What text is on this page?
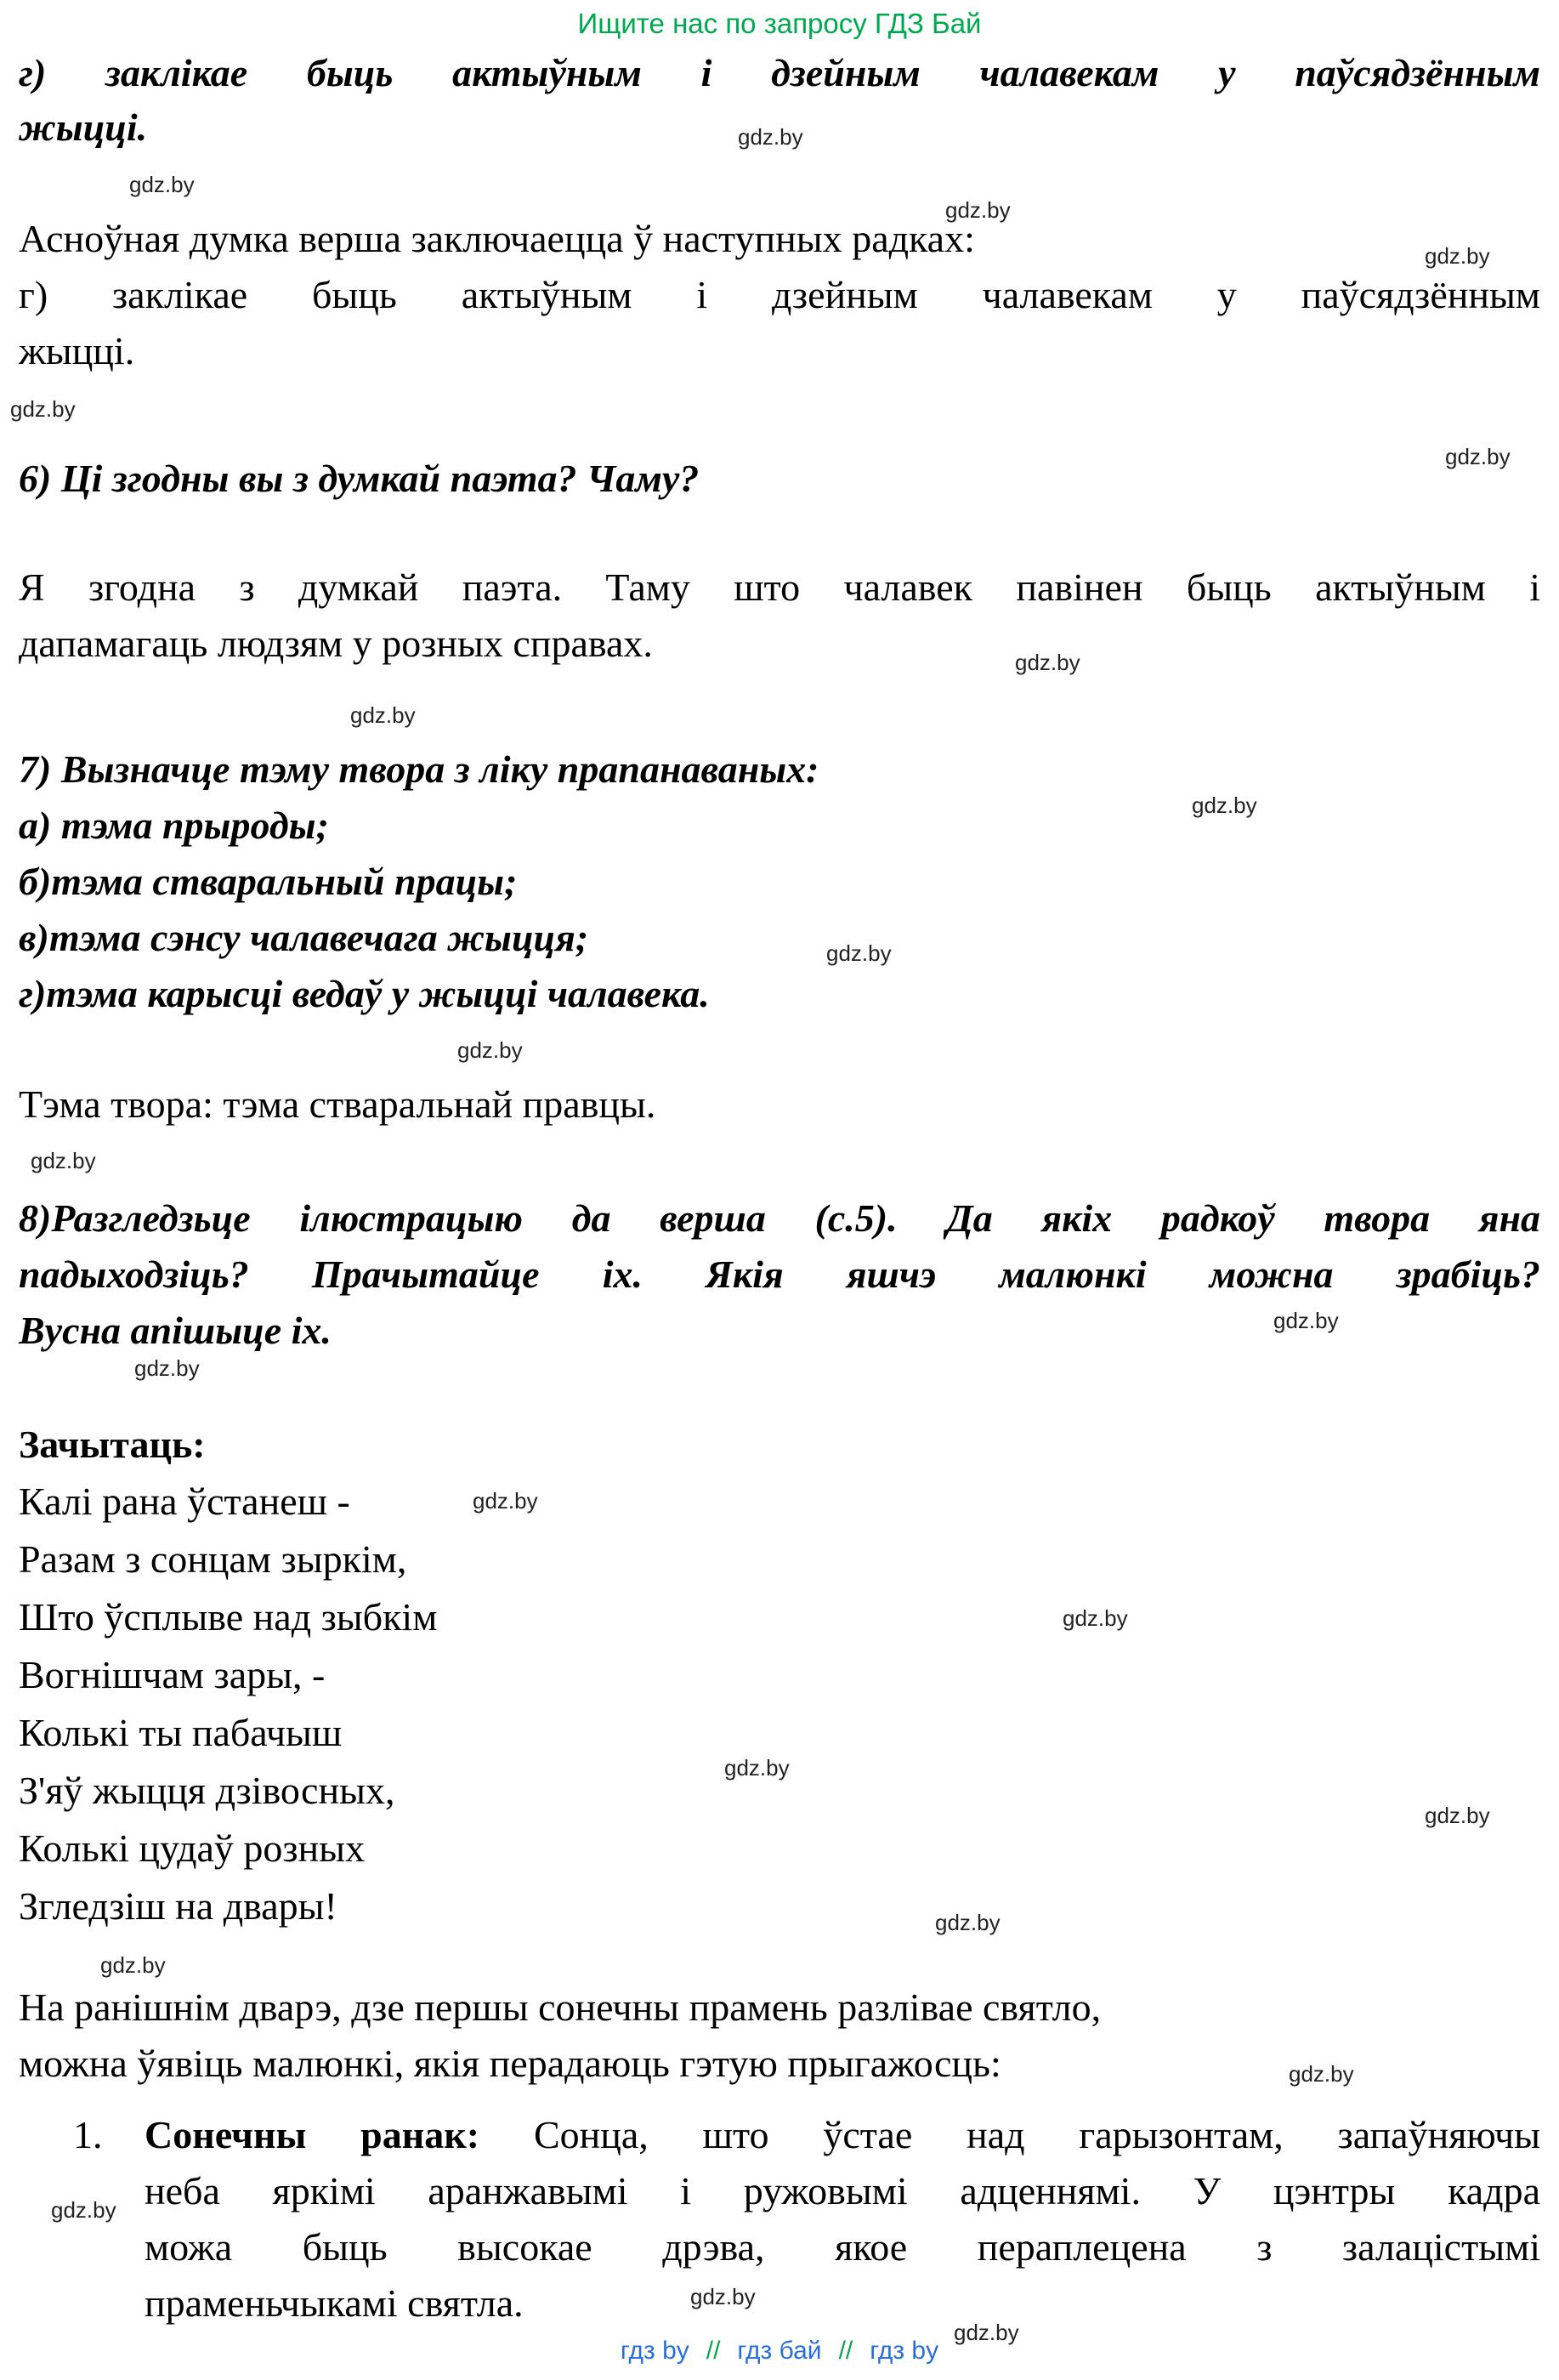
Ищите нас по запросу ГДЗ Бай
г) заклікае быць актыўным і дзейным чалавекам у паўсядзённым
жыцці.
Асноўная думка верша заключаецца ў наступных радках:
г) заклікае быць актыўным і дзейным чалавекам у паўсядзённым
жыцці.
6) Ці згодны вы з думкай паэта? Чаму?
Я згодна з думкай паэта. Таму што чалавек павінен быць актыўным і
дапамагаць людзям у розных справах.
7) Вызначце тэму твора з ліку прапанаваных:
а) тэма прыроды;
б)тэма стваральный працы;
в)тэма сэнсу чалавечага жыцця;
г)тэма карысці ведаў у жыцці чалавека.
Тэма твора: тэма стваральнай правцы.
8)Разгледзьце ілюстрацыю да верша (с.5). Да якіх радкоў твора яна
падыходзіць? Прачытайце іх. Якія яшчэ малюнкі можна зрабіць?
Вусна апішыце іх.
Зачытаць:
Калі рана ўстанеш -
Разам з сонцам зыркім,
Што ўсплыве над зыбкім
Вогнішчам зары, -
Колькі ты пабачыш
З'яў жыцця дзівосных,
Колькі цудаў розных
Згледзіш на двары!
На ранішнім дварэ, дзе першы сонечны прамень разлівае святло,
можна ўявіць малюнкі, якія перадаюць гэтую прыгажосць:
1.	Сонечны ранак: Сонца, што ўстае над гарызонтам, запаўняючы
неба яркімі аранжавымі і ружовымі адценнямі. У цэнтры кадра
можа быць высокае дрэва, якое пераплецена з залацістымі
праменьчыкамі святла.
гдз by // гдз бай // гдз by
gdz.by
gdz.by
gdz.by
gdz.by
gdz.by
gdz.by
gdz.by
gdz.by
gdz.by
gdz.by
gdz.by
gdz.by
gdz.by
gdz.by
gdz.by
gdz.by
gdz.by
gdz.by
gdz.by
gdz.by
gdz.by
gdz.by
gdz.by
gdz.by
